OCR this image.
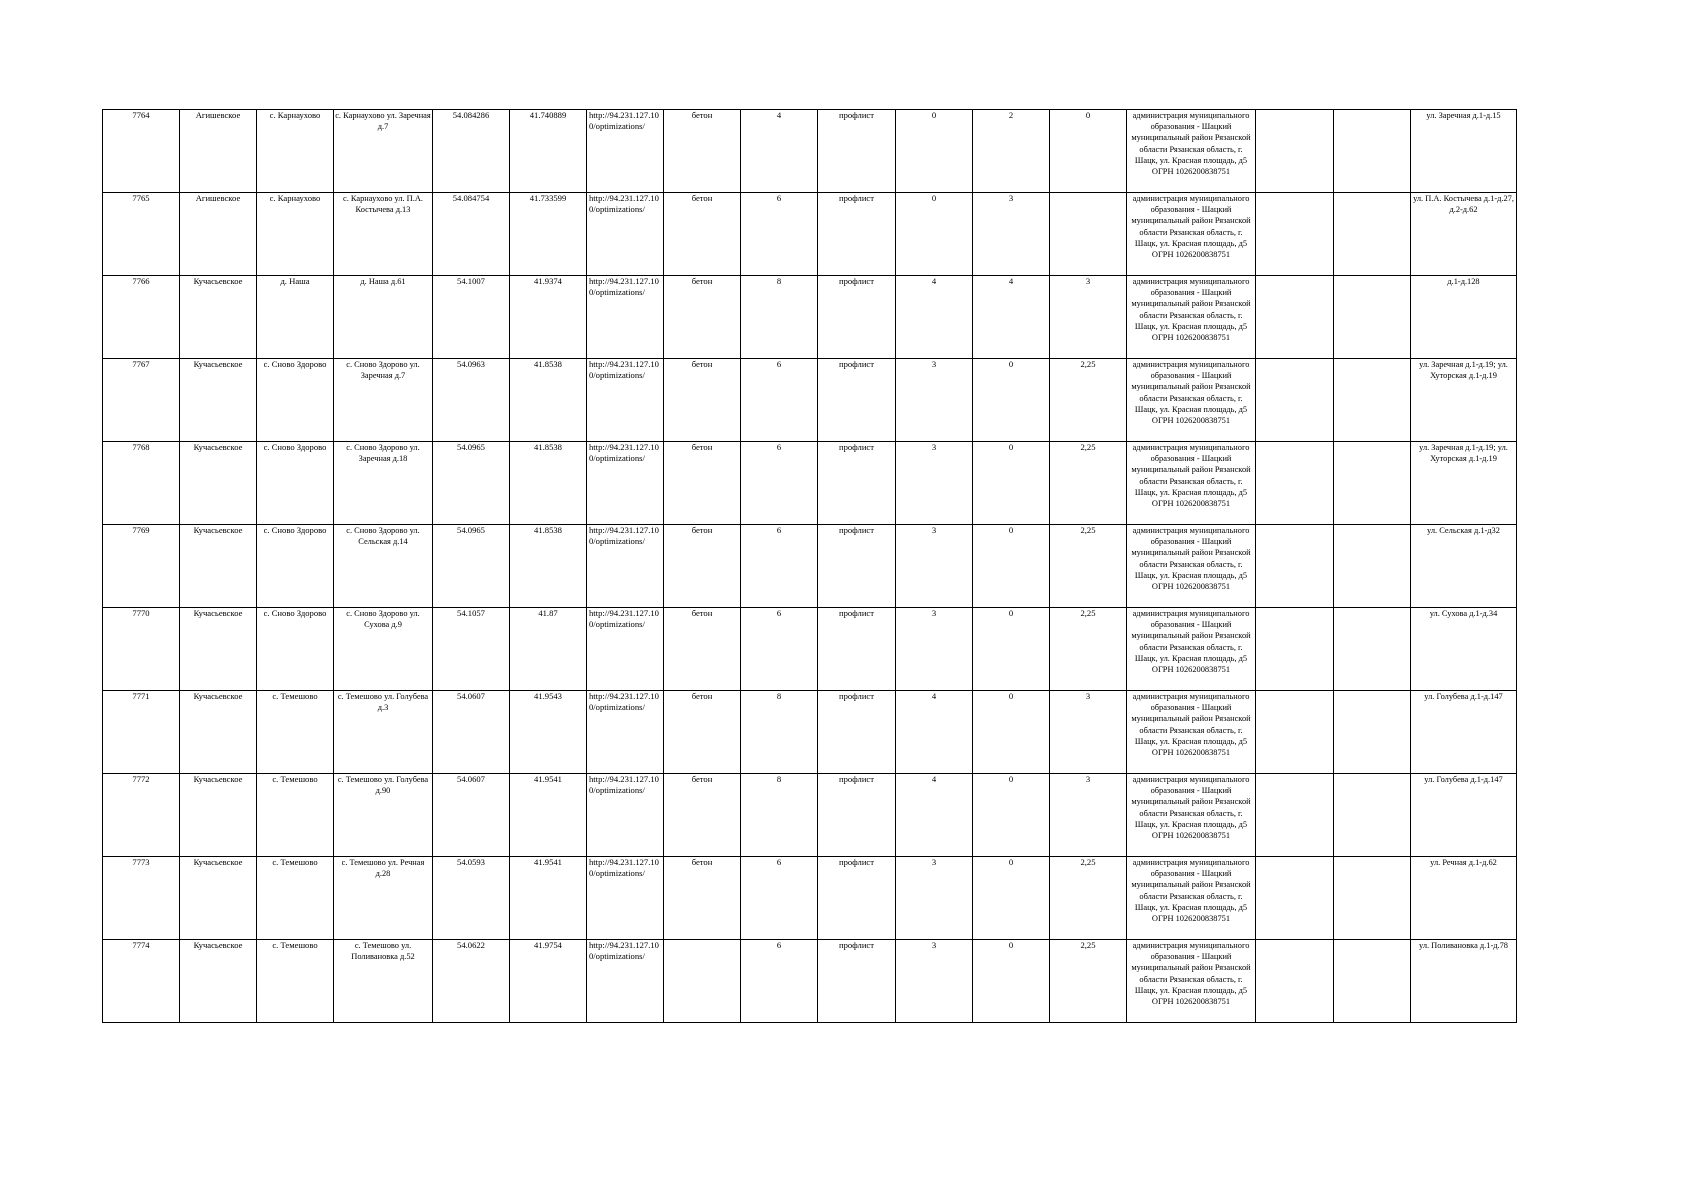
7764	Агишевское	с. Карнаухово	с. Карнаухово ул. Заречная д.7	54.084286	41.740889	http://94.231.127.100/optimizations/	бетон	4	профлист	0	2	0	администрация муниципального образования - Шацкий муниципальный район Рязанской области Рязанская область, г. Шацк, ул. Красная площадь, д5 ОГРН 1026200838751			ул. Заречная д.1-д.15
7765	Агишевское	с. Карнаухово	с. Карнаухово ул. П.А. Костычева д.13	54.084754	41.733599	http://94.231.127.100/optimizations/	бетон	6	профлист	0	3		администрация муниципального образования - Шацкий муниципальный район Рязанской области Рязанская область, г. Шацк, ул. Красная площадь, д5 ОГРН 1026200838751			ул. П.А. Костычева д.1-д.27, д.2-д.62
7766	Кучасьевское	д. Наша	д. Наша д.61	54.1007	41.9374	http://94.231.127.100/optimizations/	бетон	8	профлист	4	4	3	администрация муниципального образования - Шацкий муниципальный район Рязанской области Рязанская область, г. Шацк, ул. Красная площадь, д5 ОГРН 1026200838751			д.1-д.128
7767	Кучасьевское	с. Сново Здорово	с. Сново Здорово ул. Заречная д.7	54.0963	41.8538	http://94.231.127.100/optimizations/	бетон	6	профлист	3	0	2,25	администрация муниципального образования - Шацкий муниципальный район Рязанской области Рязанская область, г. Шацк, ул. Красная площадь, д5 ОГРН 1026200838751			ул. Заречная д.1-д.19; ул. Хуторская д.1-д.19
7768	Кучасьевское	с. Сново Здорово	с. Сново Здорово ул. Заречная д.18	54.0965	41.8538	http://94.231.127.100/optimizations/	бетон	6	профлист	3	0	2,25	администрация муниципального образования - Шацкий муниципальный район Рязанской области Рязанская область, г. Шацк, ул. Красная площадь, д5 ОГРН 1026200838751			ул. Заречная д.1-д.19; ул. Хуторская д.1-д.19
7769	Кучасьевское	с. Сново Здорово	с. Сново Здорово ул. Сельская д.14	54.0965	41.8538	http://94.231.127.100/optimizations/	бетон	6	профлист	3	0	2,25	администрация муниципального образования - Шацкий муниципальный район Рязанской области Рязанская область, г. Шацк, ул. Красная площадь, д5 ОГРН 1026200838751			ул. Сельская д.1-д32
7770	Кучасьевское	с. Сново Здорово	с. Сново Здорово ул. Сухова д.9	54.1057	41.87	http://94.231.127.100/optimizations/	бетон	6	профлист	3	0	2,25	администрация муниципального образования - Шацкий муниципальный район Рязанской области Рязанская область, г. Шацк, ул. Красная площадь, д5 ОГРН 1026200838751			ул. Сухова д.1-д.34
7771	Кучасьевское	с. Темешово	с. Темешово ул. Голубева д.3	54.0607	41.9543	http://94.231.127.100/optimizations/	бетон	8	профлист	4	0	3	администрация муниципального образования - Шацкий муниципальный район Рязанской области Рязанская область, г. Шацк, ул. Красная площадь, д5 ОГРН 1026200838751			ул. Голубева д.1-д.147
7772	Кучасьевское	с. Темешово	с. Темешово ул. Голубева д.90	54.0607	41.9541	http://94.231.127.100/optimizations/	бетон	8	профлист	4	0	3	администрация муниципального образования - Шацкий муниципальный район Рязанской области Рязанская область, г. Шацк, ул. Красная площадь, д5 ОГРН 1026200838751			ул. Голубева д.1-д.147
7773	Кучасьевское	с. Темешово	с. Темешово ул. Речная д.28	54.0593	41.9541	http://94.231.127.100/optimizations/	бетон	6	профлист	3	0	2,25	администрация муниципального образования - Шацкий муниципальный район Рязанской области Рязанская область, г. Шацк, ул. Красная площадь, д5 ОГРН 1026200838751			ул. Речная д.1-д.62
7774	Кучасьевское	с. Темешово	с. Темешово ул. Поливановка д.52	54.0622	41.9754	http://94.231.127.100/optimizations/		6	профлист	3	0	2,25	администрация муниципального образования - Шацкий муниципальный район Рязанской области Рязанская область, г. Шацк, ул. Красная площадь, д5 ОГРН 1026200838751			ул. Поливановка д.1-д.78
